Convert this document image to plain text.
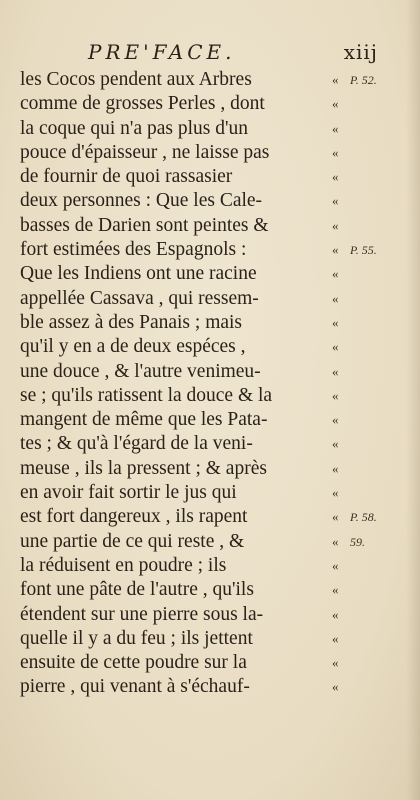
PRE'FACE.	xiij
les Cocos pendent aux Arbres	« P. 52.
comme de grosses Perles , dont	«
la coque qui n'a pas plus d'un	«
pouce d'épaisseur , ne laisse pas	«
de fournir de quoi rassasier	«
deux personnes : Que les Cale-	«
basses de Darien sont peintes &	«
fort estimées des Espagnols :	« P. 55.
Que les Indiens ont une racine	«
appellée Cassava , qui ressem-	«
ble assez à des Panais ; mais	«
qu'il y en a de deux espéces ,	«
une douce , & l'autre venimeu-	«
se ; qu'ils ratissent la douce & la	«
mangent de même que les Pata-	«
tes ; & qu'à l'égard de la veni-	«
meuse , ils la pressent ; & après	«
en avoir fait sortir le jus qui	«
est fort dangereux , ils rapent	« P. 58.
une partie de ce qui reste , &	« 59.
la réduisent en poudre ; ils	«
font une pâte de l'autre , qu'ils	«
étendent sur une pierre sous la-	«
quelle il y a du feu ; ils jettent	«
ensuite de cette poudre sur la	«
pierre , qui venant à s'échauf-	«
